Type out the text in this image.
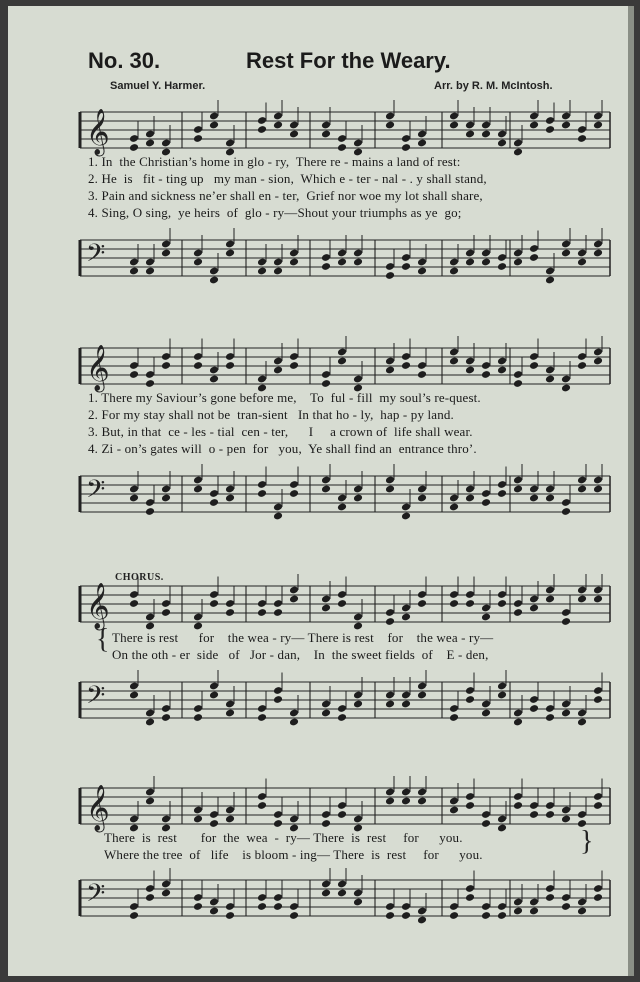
No. 30.	Rest For the Weary.
Samuel Y. Harmer.	Arr. by R. M. McIntosh.
𝄞
1. In  the Christian’s home in glo - ry,  There re - mains a land of rest:
2. He  is   fit - ting up   my man - sion,  Which e - ter - nal - . y shall stand,
3. Pain and sickness ne’er shall en - ter,  Grief nor woe my lot shall share,
4. Sing, O sing,  ye heirs  of  glo - ry—Shout your triumphs as ye  go;
𝄢
𝄞
1. There my Saviour’s gone before me,    To  ful - fill  my soul’s re-quest.
2. For my stay shall not be  tran-sient   In that ho - ly,  hap - py land.
3. But, in that  ce - les - tial  cen - ter,      I     a crown of  life shall wear.
4. Zi - on’s gates will  o - pen  for   you,  Ye shall find an  entrance thro’.
𝄢
CHORUS.
𝄞
{ There is rest      for    the wea - ry— There is rest    for    the wea - ry—
On the oth - er  side   of   Jor - dan,    In  the sweet fields  of    E - den,
𝄢
𝄞
There  is  rest       for  the  wea  -  ry— There  is  rest     for      you.
Where the tree  of   life    is bloom - ing— There  is  rest     for      you.	}
𝄢
